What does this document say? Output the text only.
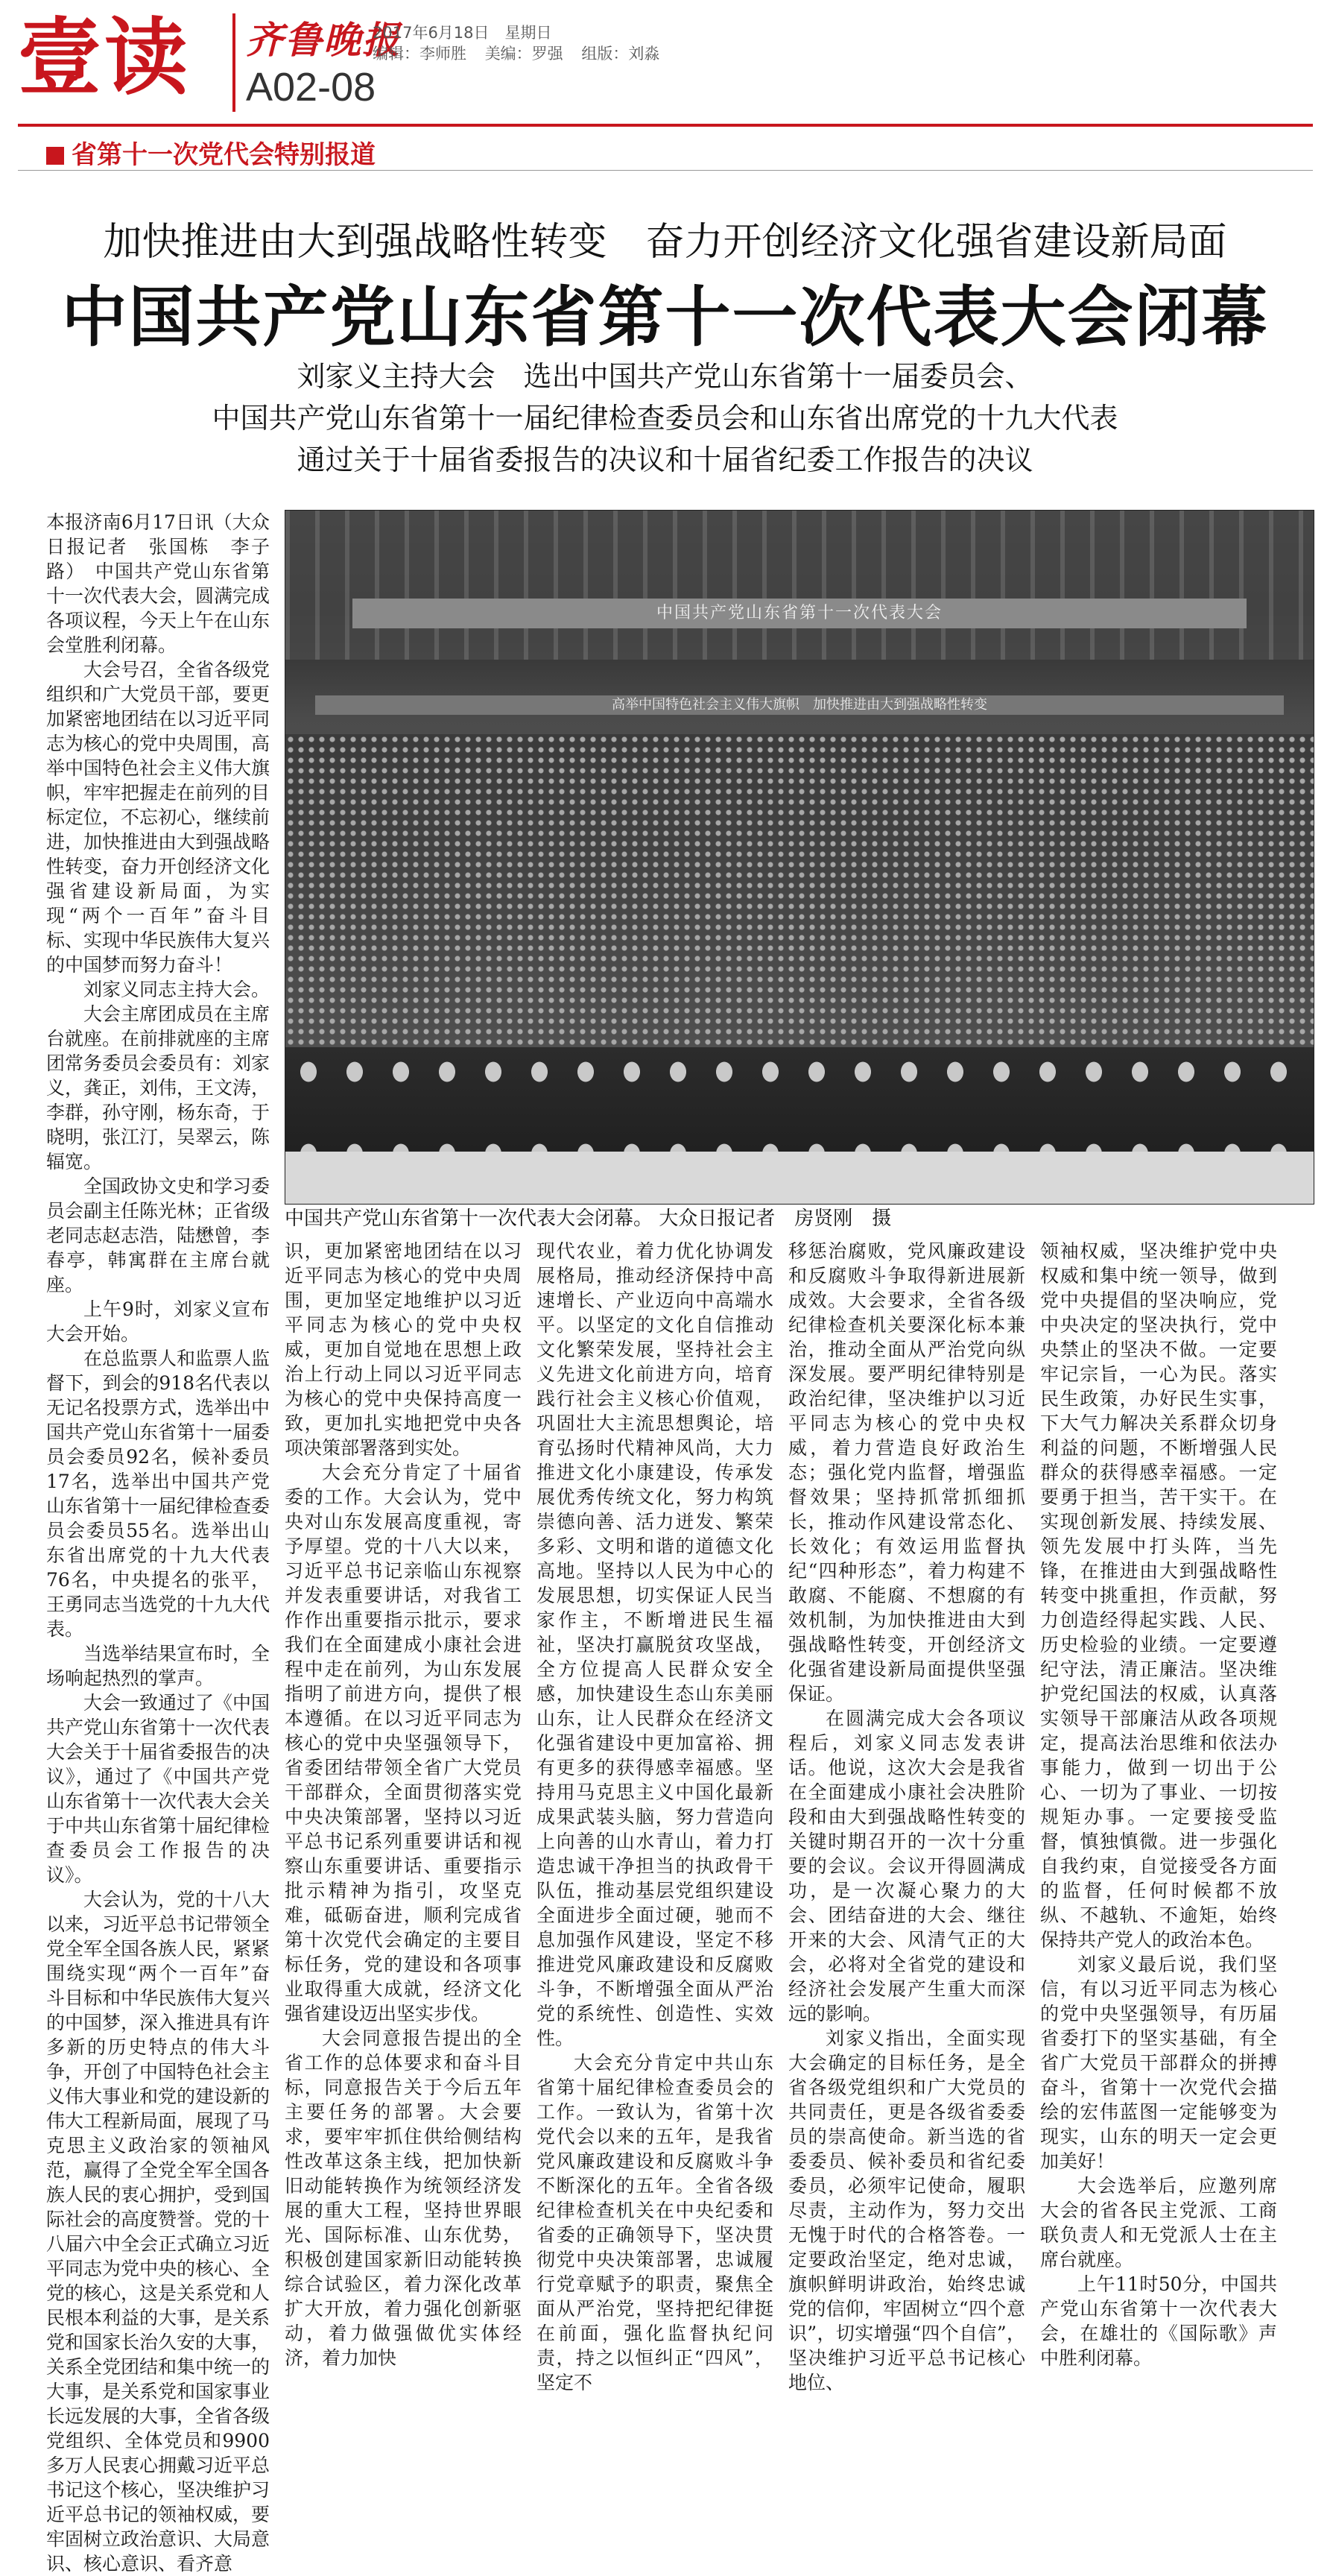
壹读 齐鲁晚报
A02-08
2017年6月18日　星期日
编辑：李师胜 美编：罗强 组版：刘淼
省第十一次党代会特别报道
加快推进由大到强战略性转变　奋力开创经济文化强省建设新局面
中国共产党山东省第十一次代表大会闭幕
刘家义主持大会　选出中国共产党山东省第十一届委员会、
中国共产党山东省第十一届纪律检查委员会和山东省出席党的十九大代表
通过关于十届省委报告的决议和十届省纪委工作报告的决议
中国共产党山东省第十一次代表大会
高举中国特色社会主义伟大旗帜　加快推进由大到强战略性转变
中国共产党山东省第十一次代表大会闭幕。 大众日报记者　房贤刚　摄

本报济南6月17日讯（大众日报记者　张国栋　李子路）　中国共产党山东省第十一次代表大会，圆满完成各项议程，今天上午在山东会堂胜利闭幕。

大会号召，全省各级党组织和广大党员干部，要更加紧密地团结在以习近平同志为核心的党中央周围，高举中国特色社会主义伟大旗帜，牢牢把握走在前列的目标定位，不忘初心，继续前进，加快推进由大到强战略性转变，奋力开创经济文化强省建设新局面，为实现“两个一百年”奋斗目标、实现中华民族伟大复兴的中国梦而努力奋斗！

刘家义同志主持大会。

大会主席团成员在主席台就座。在前排就座的主席团常务委员会委员有：刘家义，龚正，刘伟，王文涛，李群，孙守刚，杨东奇，于晓明，张江汀，吴翠云，陈辐宽。

全国政协文史和学习委员会副主任陈光林；正省级老同志赵志浩，陆懋曾，李春亭，韩寓群在主席台就座。

上午9时，刘家义宣布大会开始。

在总监票人和监票人监督下，到会的918名代表以无记名投票方式，选举出中国共产党山东省第十一届委员会委员92名，候补委员17名，选举出中国共产党山东省第十一届纪律检查委员会委员55名。选举出山东省出席党的十九大代表76名，中央提名的张平，王勇同志当选党的十九大代表。

当选举结果宣布时，全场响起热烈的掌声。

大会一致通过了《中国共产党山东省第十一次代表大会关于十届省委报告的决议》，通过了《中国共产党山东省第十一次代表大会关于中共山东省第十届纪律检查委员会工作报告的决议》。

大会认为，党的十八大以来，习近平总书记带领全党全军全国各族人民，紧紧围绕实现“两个一百年”奋斗目标和中华民族伟大复兴的中国梦，深入推进具有许多新的历史特点的伟大斗争，开创了中国特色社会主义伟大事业和党的建设新的伟大工程新局面，展现了马克思主义政治家的领袖风范，赢得了全党全军全国各族人民的衷心拥护，受到国际社会的高度赞誉。党的十八届六中全会正式确立习近平同志为党中央的核心、全党的核心，这是关系党和人民根本利益的大事，是关系党和国家长治久安的大事，关系全党团结和集中统一的大事，是关系党和国家事业长远发展的大事，全省各级党组织、全体党员和9900多万人民衷心拥戴习近平总书记这个核心，坚决维护习近平总书记的领袖权威，要牢固树立政治意识、大局意识、核心意识、看齐意

识，更加紧密地团结在以习近平同志为核心的党中央周围，更加坚定地维护以习近平同志为核心的党中央权威，更加自觉地在思想上政治上行动上同以习近平同志为核心的党中央保持高度一致，更加扎实地把党中央各项决策部署落到实处。

大会充分肯定了十届省委的工作。大会认为，党中央对山东发展高度重视，寄予厚望。党的十八大以来，习近平总书记亲临山东视察并发表重要讲话，对我省工作作出重要指示批示，要求我们在全面建成小康社会进程中走在前列，为山东发展指明了前进方向，提供了根本遵循。在以习近平同志为核心的党中央坚强领导下，省委团结带领全省广大党员干部群众，全面贯彻落实党中央决策部署，坚持以习近平总书记系列重要讲话和视察山东重要讲话、重要指示批示精神为指引，攻坚克难，砥砺奋进，顺利完成省第十次党代会确定的主要目标任务，党的建设和各项事业取得重大成就，经济文化强省建设迈出坚实步伐。

大会同意报告提出的全省工作的总体要求和奋斗目标，同意报告关于今后五年主要任务的部署。大会要求，要牢牢抓住供给侧结构性改革这条主线，把加快新旧动能转换作为统领经济发展的重大工程，坚持世界眼光、国际标准、山东优势，积极创建国家新旧动能转换综合试验区，着力深化改革扩大开放，着力强化创新驱动，着力做强做优实体经济，着力加快

现代农业，着力优化协调发展格局，推动经济保持中高速增长、产业迈向中高端水平。以坚定的文化自信推动文化繁荣发展，坚持社会主义先进文化前进方向，培育践行社会主义核心价值观，巩固壮大主流思想舆论，培育弘扬时代精神风尚，大力推进文化小康建设，传承发展优秀传统文化，努力构筑崇德向善、活力迸发、繁荣多彩、文明和谐的道德文化高地。坚持以人民为中心的发展思想，切实保证人民当家作主，不断增进民生福祉，坚决打赢脱贫攻坚战，全方位提高人民群众安全感，加快建设生态山东美丽山东，让人民群众在经济文化强省建设中更加富裕、拥有更多的获得感幸福感。坚持用马克思主义中国化最新成果武装头脑，努力营造向上向善的山水青山，着力打造忠诚干净担当的执政骨干队伍，推动基层党组织建设全面进步全面过硬，驰而不息加强作风建设，坚定不移推进党风廉政建设和反腐败斗争，不断增强全面从严治党的系统性、创造性、实效性。

大会充分肯定中共山东省第十届纪律检查委员会的工作。一致认为，省第十次党代会以来的五年，是我省党风廉政建设和反腐败斗争不断深化的五年。全省各级纪律检查机关在中央纪委和省委的正确领导下，坚决贯彻党中央决策部署，忠诚履行党章赋予的职责，聚焦全面从严治党，坚持把纪律挺在前面，强化监督执纪问责，持之以恒纠正“四风”，坚定不

移惩治腐败，党风廉政建设和反腐败斗争取得新进展新成效。大会要求，全省各级纪律检查机关要深化标本兼治，推动全面从严治党向纵深发展。要严明纪律特别是政治纪律，坚决维护以习近平同志为核心的党中央权威，着力营造良好政治生态；强化党内监督，增强监督效果；坚持抓常抓细抓长，推动作风建设常态化、长效化；有效运用监督执纪“四种形态”，着力构建不敢腐、不能腐、不想腐的有效机制，为加快推进由大到强战略性转变，开创经济文化强省建设新局面提供坚强保证。

在圆满完成大会各项议程后，刘家义同志发表讲话。他说，这次大会是我省在全面建成小康社会决胜阶段和由大到强战略性转变的关键时期召开的一次十分重要的会议。会议开得圆满成功，是一次凝心聚力的大会、团结奋进的大会、继往开来的大会、风清气正的大会，必将对全省党的建设和经济社会发展产生重大而深远的影响。

刘家义指出，全面实现大会确定的目标任务，是全省各级党组织和广大党员的共同责任，更是各级省委委员的崇高使命。新当选的省委委员、候补委员和省纪委委员，必须牢记使命，履职尽责，主动作为，努力交出无愧于时代的合格答卷。一定要政治坚定，绝对忠诚，旗帜鲜明讲政治，始终忠诚党的信仰，牢固树立“四个意识”，切实增强“四个自信”，坚决维护习近平总书记核心地位、

领袖权威，坚决维护党中央权威和集中统一领导，做到党中央提倡的坚决响应，党中央决定的坚决执行，党中央禁止的坚决不做。一定要牢记宗旨，一心为民。落实民生政策，办好民生实事，下大气力解决关系群众切身利益的问题，不断增强人民群众的获得感幸福感。一定要勇于担当，苦干实干。在实现创新发展、持续发展、领先发展中打头阵，当先锋，在推进由大到强战略性转变中挑重担，作贡献，努力创造经得起实践、人民、历史检验的业绩。一定要遵纪守法，清正廉洁。坚决维护党纪国法的权威，认真落实领导干部廉洁从政各项规定，提高法治思维和依法办事能力，做到一切出于公心、一切为了事业、一切按规矩办事。一定要接受监督，慎独慎微。进一步强化自我约束，自觉接受各方面的监督，任何时候都不放纵、不越轨、不逾矩，始终保持共产党人的政治本色。

刘家义最后说，我们坚信，有以习近平同志为核心的党中央坚强领导，有历届省委打下的坚实基础，有全省广大党员干部群众的拼搏奋斗，省第十一次党代会描绘的宏伟蓝图一定能够变为现实，山东的明天一定会更加美好！

大会选举后，应邀列席大会的省各民主党派、工商联负责人和无党派人士在主席台就座。

上午11时50分，中国共产党山东省第十一次代表大会，在雄壮的《国际歌》声中胜利闭幕。
